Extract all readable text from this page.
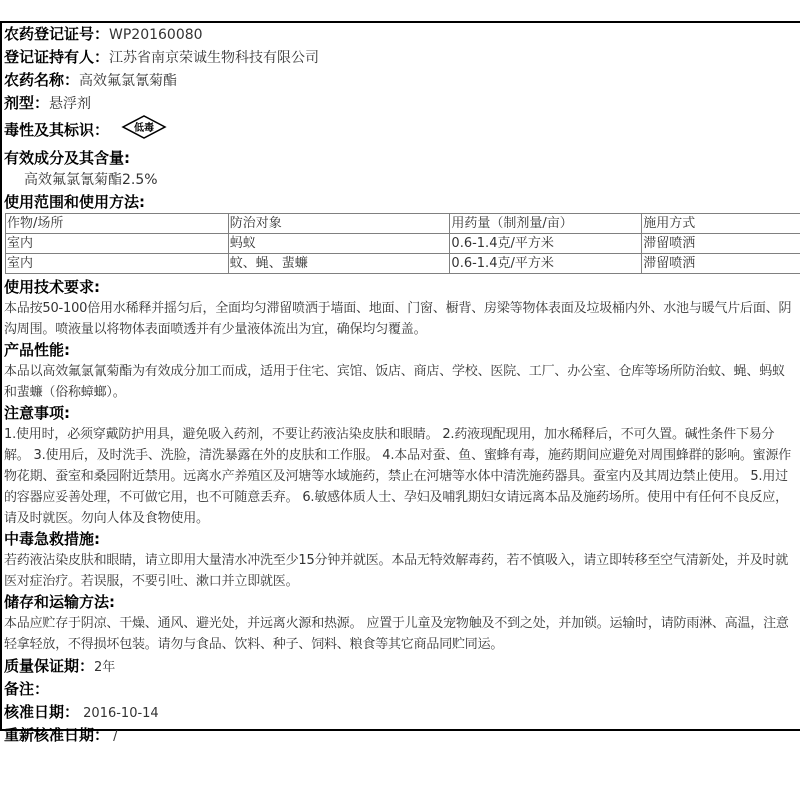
农药登记证号：WP20160080
登记证持有人：江苏省南京荣诚生物科技有限公司
农药名称：高效氟氯氰菊酯
剂型：悬浮剂
毒性及其标识：	低毒
有效成分及其含量:
高效氟氯氰菊酯2.5%
使用范围和使用方法:
作物/场所	防治对象	用药量（制剂量/亩）	施用方式
室内	蚂蚁	0.6-1.4克/平方米	滞留喷洒
室内	蚊、蝇、蜚蠊	0.6-1.4克/平方米	滞留喷洒
使用技术要求:
本品按50-100倍用水稀释并摇匀后，全面均匀滞留喷洒于墙面、地面、门窗、橱背、房梁等物体表面及垃圾桶内外、水池与暖气片后面、阴沟周围。喷液量以将物体表面喷透并有少量液体流出为宜，确保均匀覆盖。
产品性能:
本品以高效氟氯氰菊酯为有效成分加工而成，适用于住宅、宾馆、饭店、商店、学校、医院、工厂、办公室、仓库等场所防治蚊、蝇、蚂蚁和蜚蠊（俗称蟑螂）。
注意事项:
1.使用时，必须穿戴防护用具，避免吸入药剂，不要让药液沾染皮肤和眼睛。 2.药液现配现用，加水稀释后，不可久置。碱性条件下易分解。 3.使用后，及时洗手、洗脸，清洗暴露在外的皮肤和工作服。 4.本品对蚕、鱼、蜜蜂有毒，施药期间应避免对周围蜂群的影响。蜜源作物花期、蚕室和桑园附近禁用。远离水产养殖区及河塘等水域施药，禁止在河塘等水体中清洗施药器具。蚕室内及其周边禁止使用。 5.用过的容器应妥善处理，不可做它用，也不可随意丢弃。 6.敏感体质人士、孕妇及哺乳期妇女请远离本品及施药场所。使用中有任何不良反应，请及时就医。勿向人体及食物使用。
中毒急救措施:
若药液沾染皮肤和眼睛，请立即用大量清水冲洗至少15分钟并就医。本品无特效解毒药，若不慎吸入，请立即转移至空气清新处，并及时就医对症治疗。若误服，不要引吐、漱口并立即就医。
储存和运输方法:
本品应贮存于阴凉、干燥、通风、避光处，并远离火源和热源。 应置于儿童及宠物触及不到之处，并加锁。运输时，请防雨淋、高温，注意轻拿轻放，不得损坏包装。请勿与食品、饮料、种子、饲料、粮食等其它商品同贮同运。
质量保证期：2年
备注：
核准日期： 2016-10-14
重新核准日期： /
